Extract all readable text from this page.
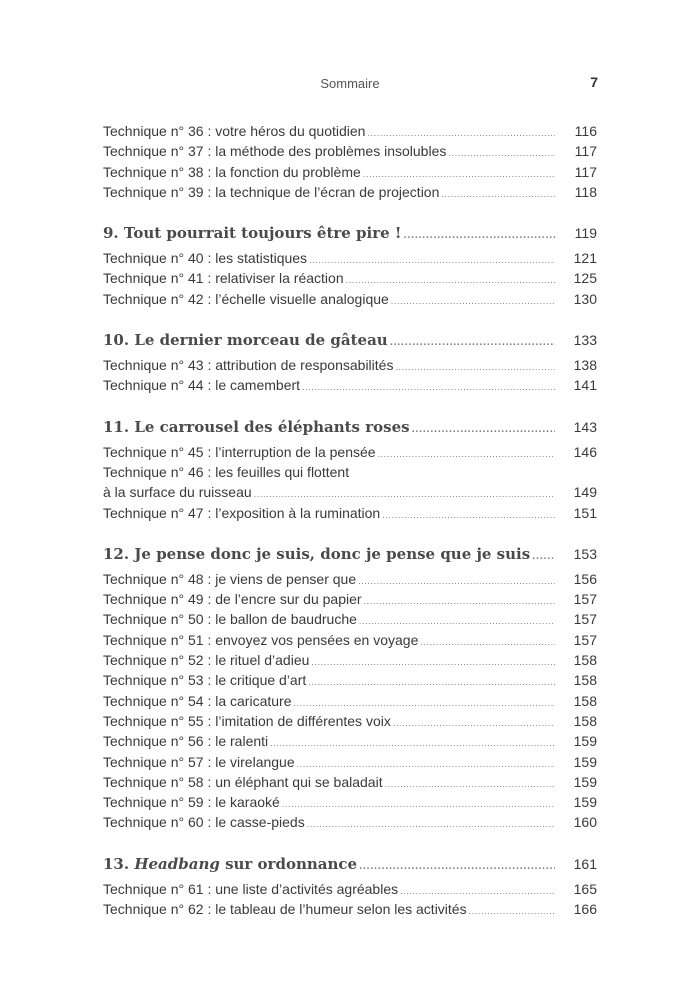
Sommaire	7
Technique n° 36 : votre héros du quotidien .....	116
Technique n° 37 : la méthode des problèmes insolubles .....	117
Technique n° 38 : la fonction du problème .....	117
Technique n° 39 : la technique de l’écran de projection .....	118
9. Tout pourrait toujours être pire ! .....	119
Technique n° 40 : les statistiques .....	121
Technique n° 41 : relativiser la réaction .....	125
Technique n° 42 : l’échelle visuelle analogique .....	130
10. Le dernier morceau de gâteau .....	133
Technique n° 43 : attribution de responsabilités .....	138
Technique n° 44 : le camembert .....	141
11. Le carrousel des éléphants roses .....	143
Technique n° 45 : l’interruption de la pensée .....	146
Technique n° 46 : les feuilles qui flottent
à la surface du ruisseau .....	149
Technique n° 47 : l’exposition à la rumination .....	151
12. Je pense donc je suis, donc je pense que je suis .....	153
Technique n° 48 : je viens de penser que .....	156
Technique n° 49 : de l’encre sur du papier .....	157
Technique n° 50 : le ballon de baudruche .....	157
Technique n° 51 : envoyez vos pensées en voyage .....	157
Technique n° 52 : le rituel d’adieu .....	158
Technique n° 53 : le critique d’art .....	158
Technique n° 54 : la caricature .....	158
Technique n° 55 : l’imitation de différentes voix .....	158
Technique n° 56 : le ralenti .....	159
Technique n° 57 : le virelangue .....	159
Technique n° 58 : un éléphant qui se baladait .....	159
Technique n° 59 : le karaoké .....	159
Technique n° 60 : le casse-pieds .....	160
13. Headbang sur ordonnance .....	161
Technique n° 61 : une liste d’activités agréables .....	165
Technique n° 62 : le tableau de l’humeur selon les activités .....	166
